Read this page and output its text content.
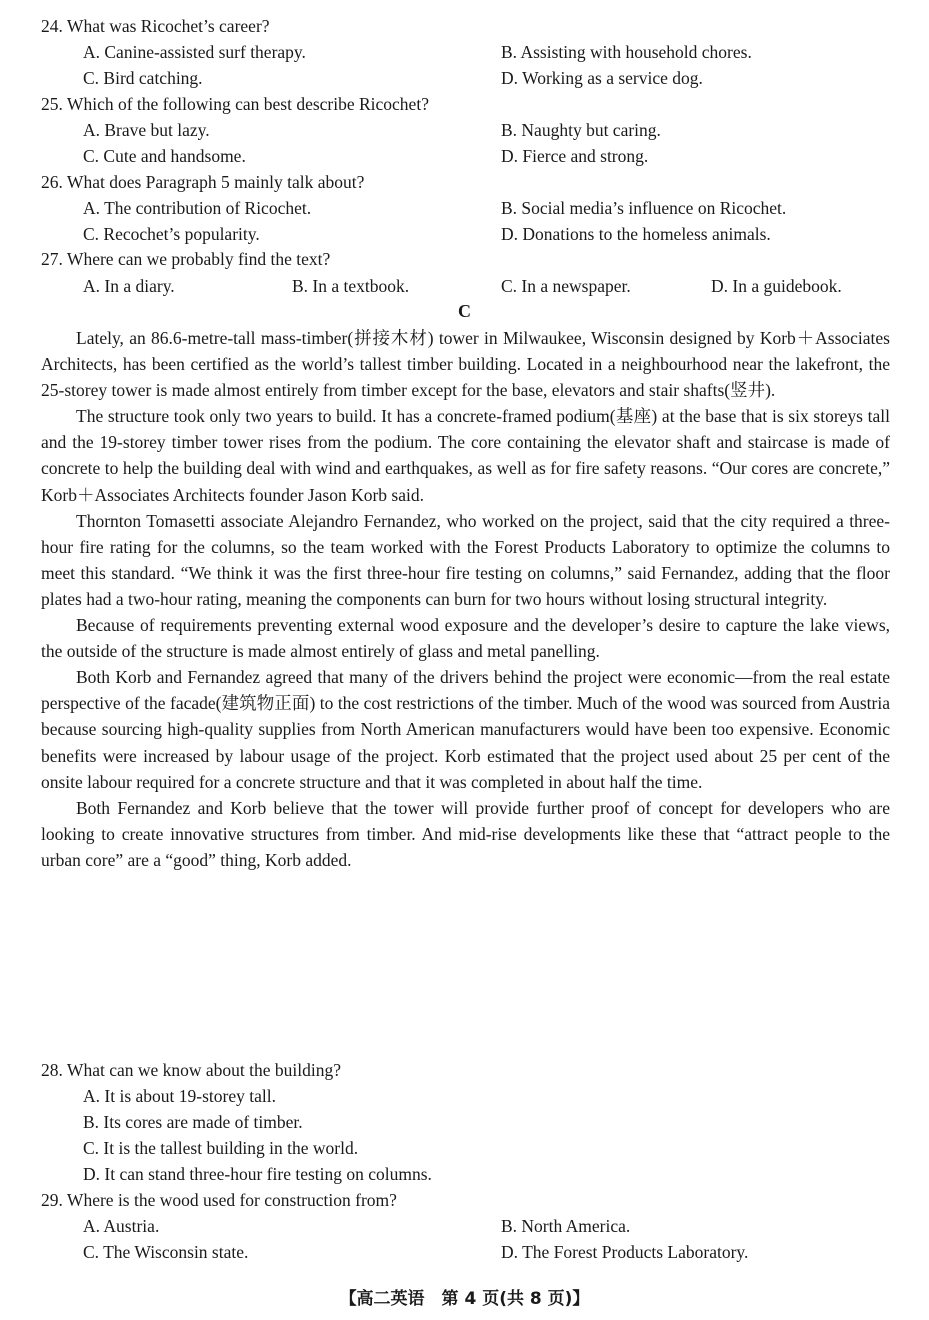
24. What was Ricochet’s career?
A. Canine-assisted surf therapy.	B. Assisting with household chores.
C. Bird catching.	D. Working as a service dog.
25. Which of the following can best describe Ricochet?
A. Brave but lazy.	B. Naughty but caring.
C. Cute and handsome.	D. Fierce and strong.
26. What does Paragraph 5 mainly talk about?
A. The contribution of Ricochet.	B. Social media’s influence on Ricochet.
C. Recochet’s popularity.	D. Donations to the homeless animals.
27. Where can we probably find the text?
A. In a diary.	B. In a textbook.	C. In a newspaper.	D. In a guidebook.
C

Lately, an 86.6-metre-tall mass-timber(拼接木材) tower in Milwaukee, Wisconsin designed by Korb＋Associates Architects, has been certified as the world’s tallest timber building. Located in a neighbourhood near the lakefront, the 25-storey tower is made almost entirely from timber except for the base, elevators and stair shafts(竖井).

The structure took only two years to build. It has a concrete-framed podium(基座) at the base that is six storeys tall and the 19-storey timber tower rises from the podium. The core containing the elevator shaft and staircase is made of concrete to help the building deal with wind and earthquakes, as well as for fire safety reasons. “Our cores are concrete,” Korb＋Associates Architects founder Jason Korb said.

Thornton Tomasetti associate Alejandro Fernandez, who worked on the project, said that the city required a three-hour fire rating for the columns, so the team worked with the Forest Products Laboratory to optimize the columns to meet this standard. “We think it was the first three-hour fire testing on columns,” said Fernandez, adding that the floor plates had a two-hour rating, meaning the components can burn for two hours without losing structural integrity.

Because of requirements preventing external wood exposure and the developer’s desire to capture the lake views, the outside of the structure is made almost entirely of glass and metal panelling.

Both Korb and Fernandez agreed that many of the drivers behind the project were economic—from the real estate perspective of the facade(建筑物正面) to the cost restrictions of the timber. Much of the wood was sourced from Austria because sourcing high-quality supplies from North American manufacturers would have been too expensive. Economic benefits were increased by labour usage of the project. Korb estimated that the project used about 25 per cent of the onsite labour required for a concrete structure and that it was completed in about half the time.

Both Fernandez and Korb believe that the tower will provide further proof of concept for developers who are looking to create innovative structures from timber. And mid-rise developments like these that “attract people to the urban core” are a “good” thing, Korb added.

28. What can we know about the building?
A. It is about 19-storey tall.
B. Its cores are made of timber.
C. It is the tallest building in the world.
D. It can stand three-hour fire testing on columns.
29. Where is the wood used for construction from?
A. Austria.	B. North America.
C. The Wisconsin state.	D. The Forest Products Laboratory.
【高二英语　第 4 页(共 8 页)】
